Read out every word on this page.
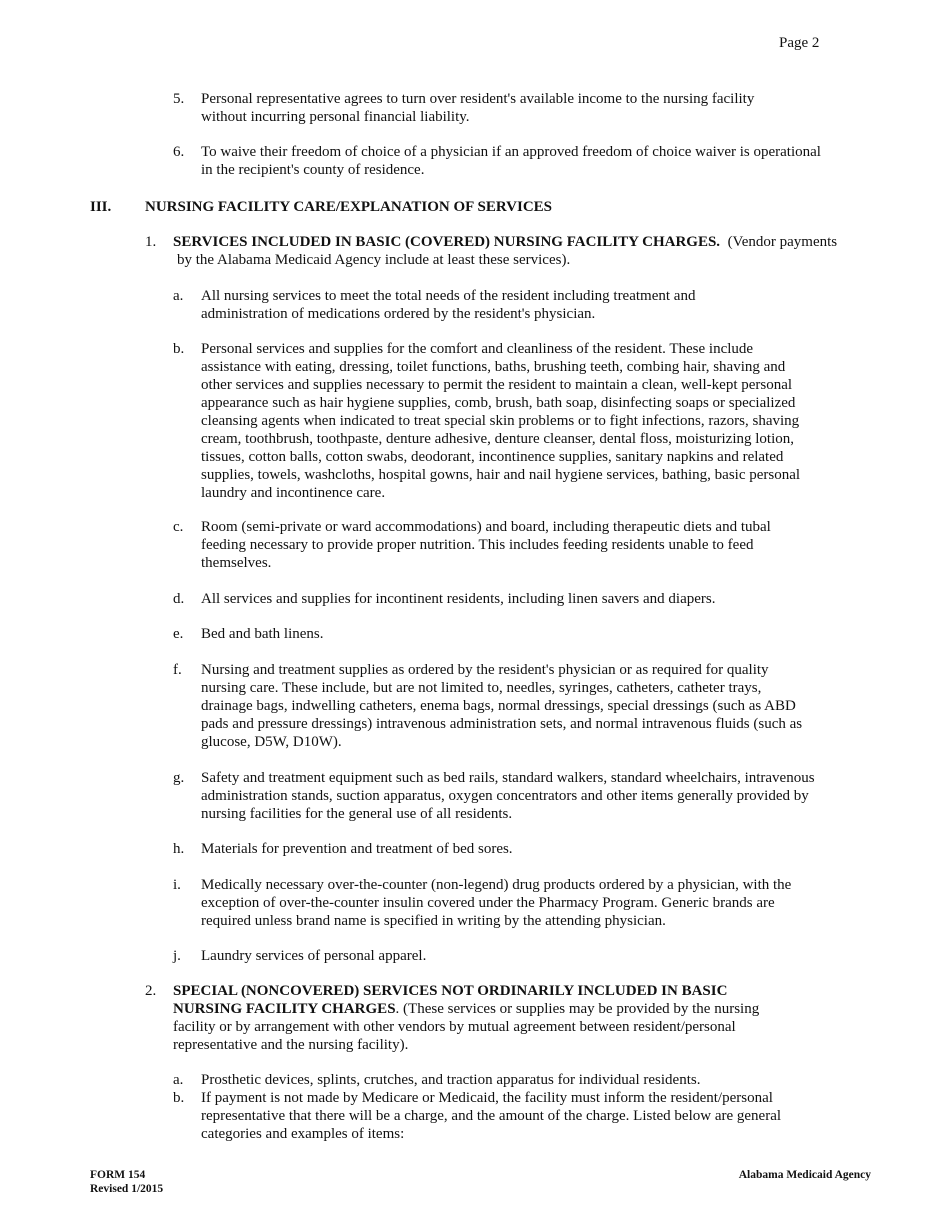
Page 2
5. Personal representative agrees to turn over resident's available income to the nursing facility
without incurring personal financial liability.
6. To waive their freedom of choice of a physician if an approved freedom of choice waiver is operational
in the recipient's county of residence.
III. NURSING FACILITY CARE/EXPLANATION OF SERVICES
1. SERVICES INCLUDED IN BASIC (COVERED) NURSING FACILITY CHARGES. (Vendor payments
by the Alabama Medicaid Agency include at least these services).
a. All nursing services to meet the total needs of the resident including treatment and
administration of medications ordered by the resident's physician.
b. Personal services and supplies for the comfort and cleanliness of the resident. These include
assistance with eating, dressing, toilet functions, baths, brushing teeth, combing hair, shaving and
other services and supplies necessary to permit the resident to maintain a clean, well-kept personal
appearance such as hair hygiene supplies, comb, brush, bath soap, disinfecting soaps or specialized
cleansing agents when indicated to treat special skin problems or to fight infections, razors, shaving
cream, toothbrush, toothpaste, denture adhesive, denture cleanser, dental floss, moisturizing lotion,
tissues, cotton balls, cotton swabs, deodorant, incontinence supplies, sanitary napkins and related
supplies, towels, washcloths, hospital gowns, hair and nail hygiene services, bathing, basic personal
laundry and incontinence care.
c. Room (semi-private or ward accommodations) and board, including therapeutic diets and tubal
feeding necessary to provide proper nutrition. This includes feeding residents unable to feed
themselves.
d. All services and supplies for incontinent residents, including linen savers and diapers.
e. Bed and bath linens.
f. Nursing and treatment supplies as ordered by the resident's physician or as required for quality
nursing care. These include, but are not limited to, needles, syringes, catheters, catheter trays,
drainage bags, indwelling catheters, enema bags, normal dressings, special dressings (such as ABD
pads and pressure dressings) intravenous administration sets, and normal intravenous fluids (such as
glucose, D5W, D10W).
g. Safety and treatment equipment such as bed rails, standard walkers, standard wheelchairs, intravenous
administration stands, suction apparatus, oxygen concentrators and other items generally provided by
nursing facilities for the general use of all residents.
h. Materials for prevention and treatment of bed sores.
i. Medically necessary over-the-counter (non-legend) drug products ordered by a physician, with the
exception of over-the-counter insulin covered under the Pharmacy Program. Generic brands are
required unless brand name is specified in writing by the attending physician.
j. Laundry services of personal apparel.
2. SPECIAL (NONCOVERED) SERVICES NOT ORDINARILY INCLUDED IN BASIC
NURSING FACILITY CHARGES. (These services or supplies may be provided by the nursing
facility or by arrangement with other vendors by mutual agreement between resident/personal
representative and the nursing facility).
a. Prosthetic devices, splints, crutches, and traction apparatus for individual residents.
b. If payment is not made by Medicare or Medicaid, the facility must inform the resident/personal
representative that there will be a charge, and the amount of the charge. Listed below are general
categories and examples of items:
FORM 154
Revised 1/2015
Alabama Medicaid Agency
